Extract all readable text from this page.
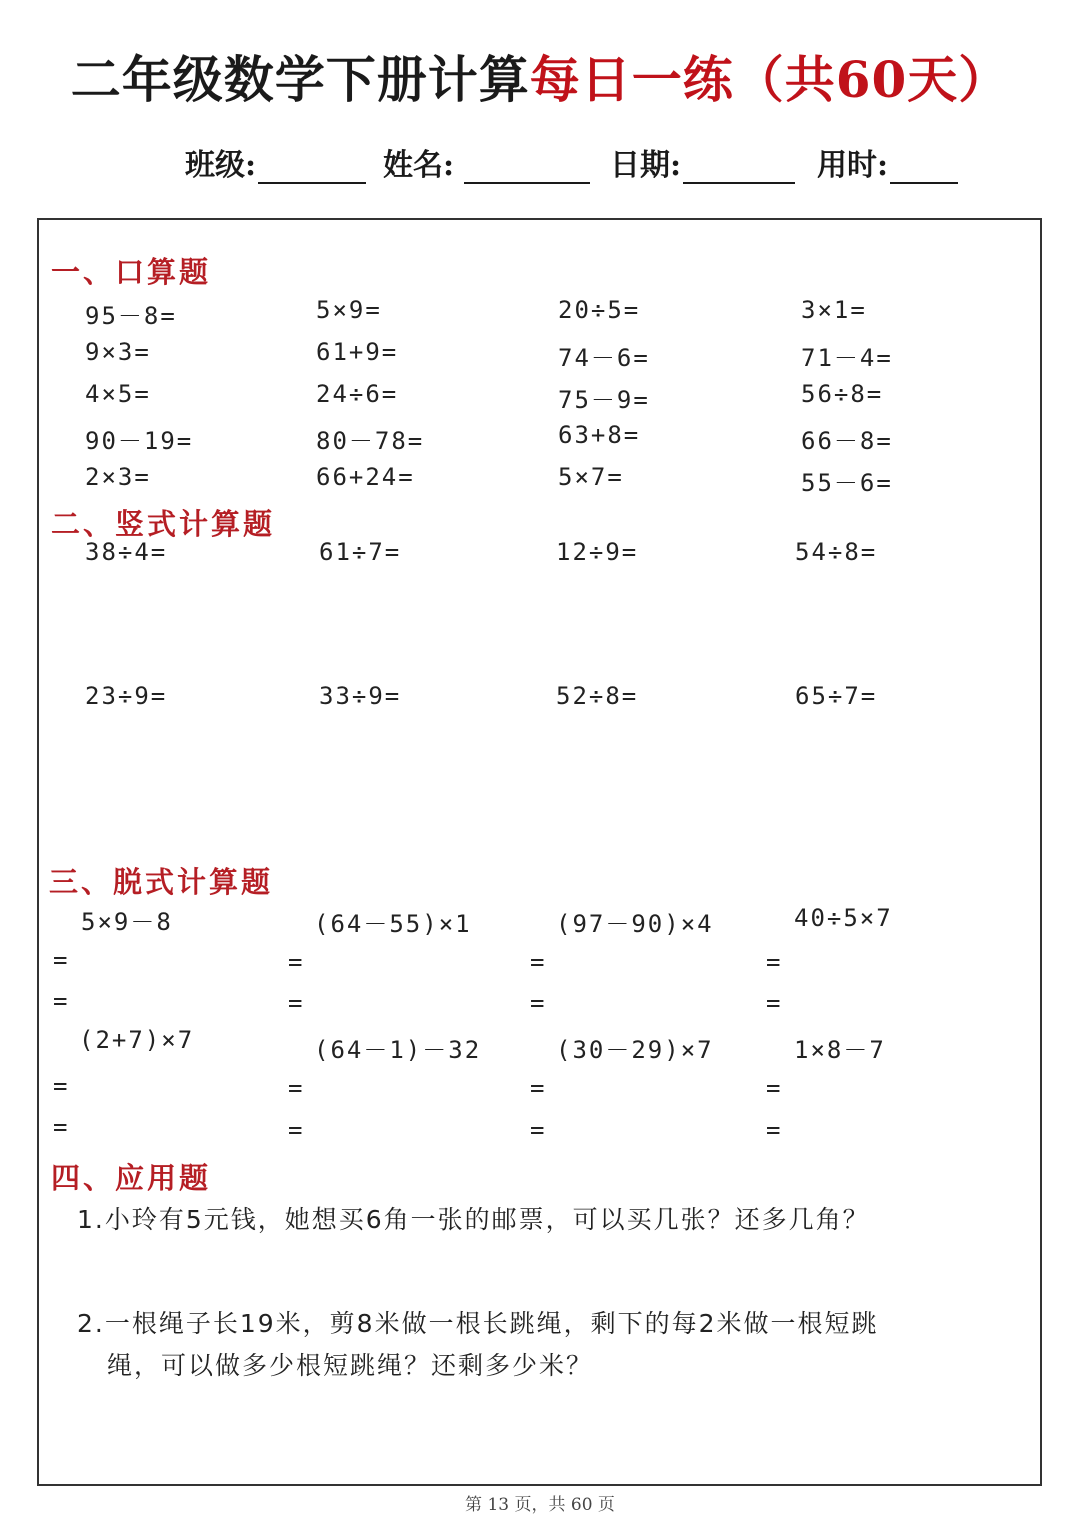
二年级数学下册计算每日一练（共60天）
班级:	姓名:	日期:	用时:
一、口算题
95－8=	5×9=	20÷5=	3×1=
9×3=	61+9=	74－6=	71－4=
4×5=	24÷6=	75－9=	56÷8=
90－19=	80－78=	63+8=	66－8=
2×3=	66+24=	5×7=	55－6=
二、竖式计算题
38÷4=	61÷7=	12÷9=	54÷8=
23÷9=	33÷9=	52÷8=	65÷7=
三、脱式计算题
5×9－8	(64－55)×1	(97－90)×4	40÷5×7
=	=	=	=
=	=	=	=
(2+7)×7	(64－1)－32	(30－29)×7	1×8－7
=	=	=	=
=	=	=	=
四、应用题
1.小玲有5元钱，她想买6角一张的邮票，可以买几张？还多几角？
2.一根绳子长19米，剪8米做一根长跳绳，剩下的每2米做一根短跳
绳，可以做多少根短跳绳？还剩多少米？
第 13 页，共 60 页
